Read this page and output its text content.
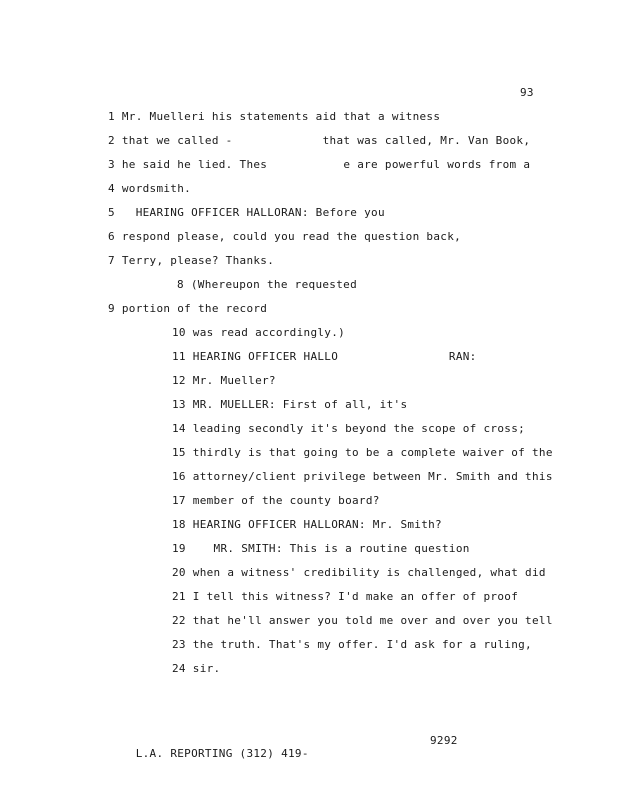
93
1 Mr. Muelleri his statements aid that a witness
2 that we called -             that was called, Mr. Van Book,
3 he said he lied. Thes           e are powerful words from a
4 wordsmith.
5   HEARING OFFICER HALLORAN: Before you
6 respond please, could you read the question back,
7 Terry, please? Thanks.
8 (Whereupon the requested
9 portion of the record
10 was read accordingly.)
11 HEARING OFFICER HALLO                RAN:
12 Mr. Mueller?
13 MR. MUELLER: First of all, it's
14 leading secondly it's beyond the scope of cross;
15 thirdly is that going to be a complete waiver of the
16 attorney/client privilege between Mr. Smith and this
17 member of the county board?
18 HEARING OFFICER HALLORAN: Mr. Smith?
19    MR. SMITH: This is a routine question
20 when a witness' credibility is challenged, what did
21 I tell this witness? I'd make an offer of proof
22 that he'll answer you told me over and over you tell
23 the truth. That's my offer. I'd ask for a ruling,
24 sir.

L.A. REPORTING (312) 419-

9292
